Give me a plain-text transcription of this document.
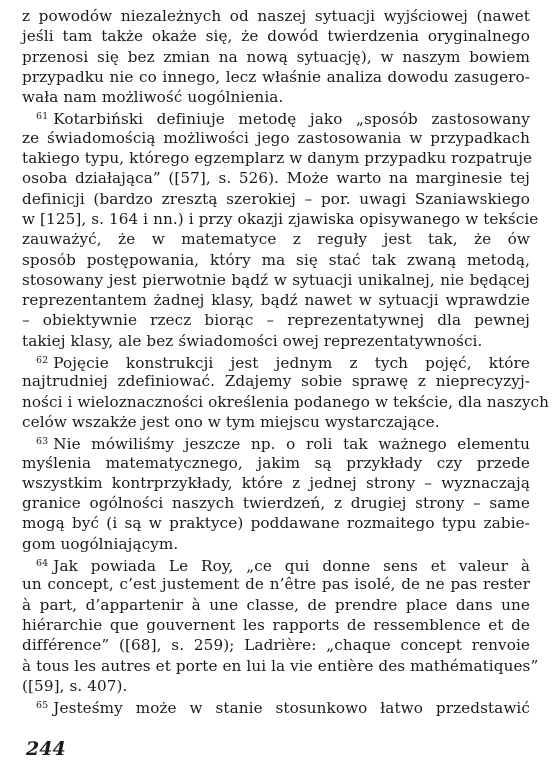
z powodów niezależnych od naszej sytuacji wyjściowej (nawet
jeśli tam także okaże się, że dowód twierdzenia oryginalnego
przenosi się bez zmian na nową sytuację), w naszym bowiem
przypadku nie co innego, lecz właśnie analiza dowodu zasugero-
wała nam możliwość uogólnienia.
$^{61}$ Kotarbiński definiuje metodę jako „sposób zastosowany
ze świadomością możliwości jego zastosowania w przypadkach
takiego typu, którego egzemplarz w danym przypadku rozpatruje
osoba działająca” ([57], s. 526). Może warto na marginesie tej
definicji (bardzo zresztą szerokiej – por. uwagi Szaniawskiego
w [125], s. 164 i nn.) i przy okazji zjawiska opisywanego w tekście
zauważyć, że w matematyce z reguły jest tak, że ów
sposób postępowania, który ma się stać tak zwaną metodą,
stosowany jest pierwotnie bądź w sytuacji unikalnej, nie będącej
reprezentantem żadnej klasy, bądź nawet w sytuacji wprawdzie
– obiektywnie rzecz biorąc – reprezentatywnej dla pewnej
takiej klasy, ale bez świadomości owej reprezentatywności.
$^{62}$ Pojęcie konstrukcji jest jednym z tych pojęć, które
najtrudniej zdefiniować. Zdajemy sobie sprawę z nieprecyzyj-
ności i wieloznaczności określenia podanego w tekście, dla naszych
celów wszakże jest ono w tym miejscu wystarczające.
$^{63}$ Nie mówiliśmy jeszcze np. o roli tak ważnego elementu
myślenia matematycznego, jakim są przykłady czy przede
wszystkim kontrprzykłady, które z jednej strony – wyznaczają
granice ogólności naszych twierdzeń, z drugiej strony – same
mogą być (i są w praktyce) poddawane rozmaitego typu zabie-
gom uogólniającym.
$^{64}$ Jak powiada Le Roy, „ce qui donne sens et valeur à
un concept, c’est justement de n’être pas isolé, de ne pas rester
à part, d’appartenir à une classe, de prendre place dans une
hiérarchie que gouvernent les rapports de ressemblence et de
différence” ([68], s. 259); Ladrière: „chaque concept renvoie
à tous les autres et porte en lui la vie entière des mathématiques”
([59], s. 407).
$^{65}$ Jesteśmy może w stanie stosunkowo łatwo przedstawić
244
